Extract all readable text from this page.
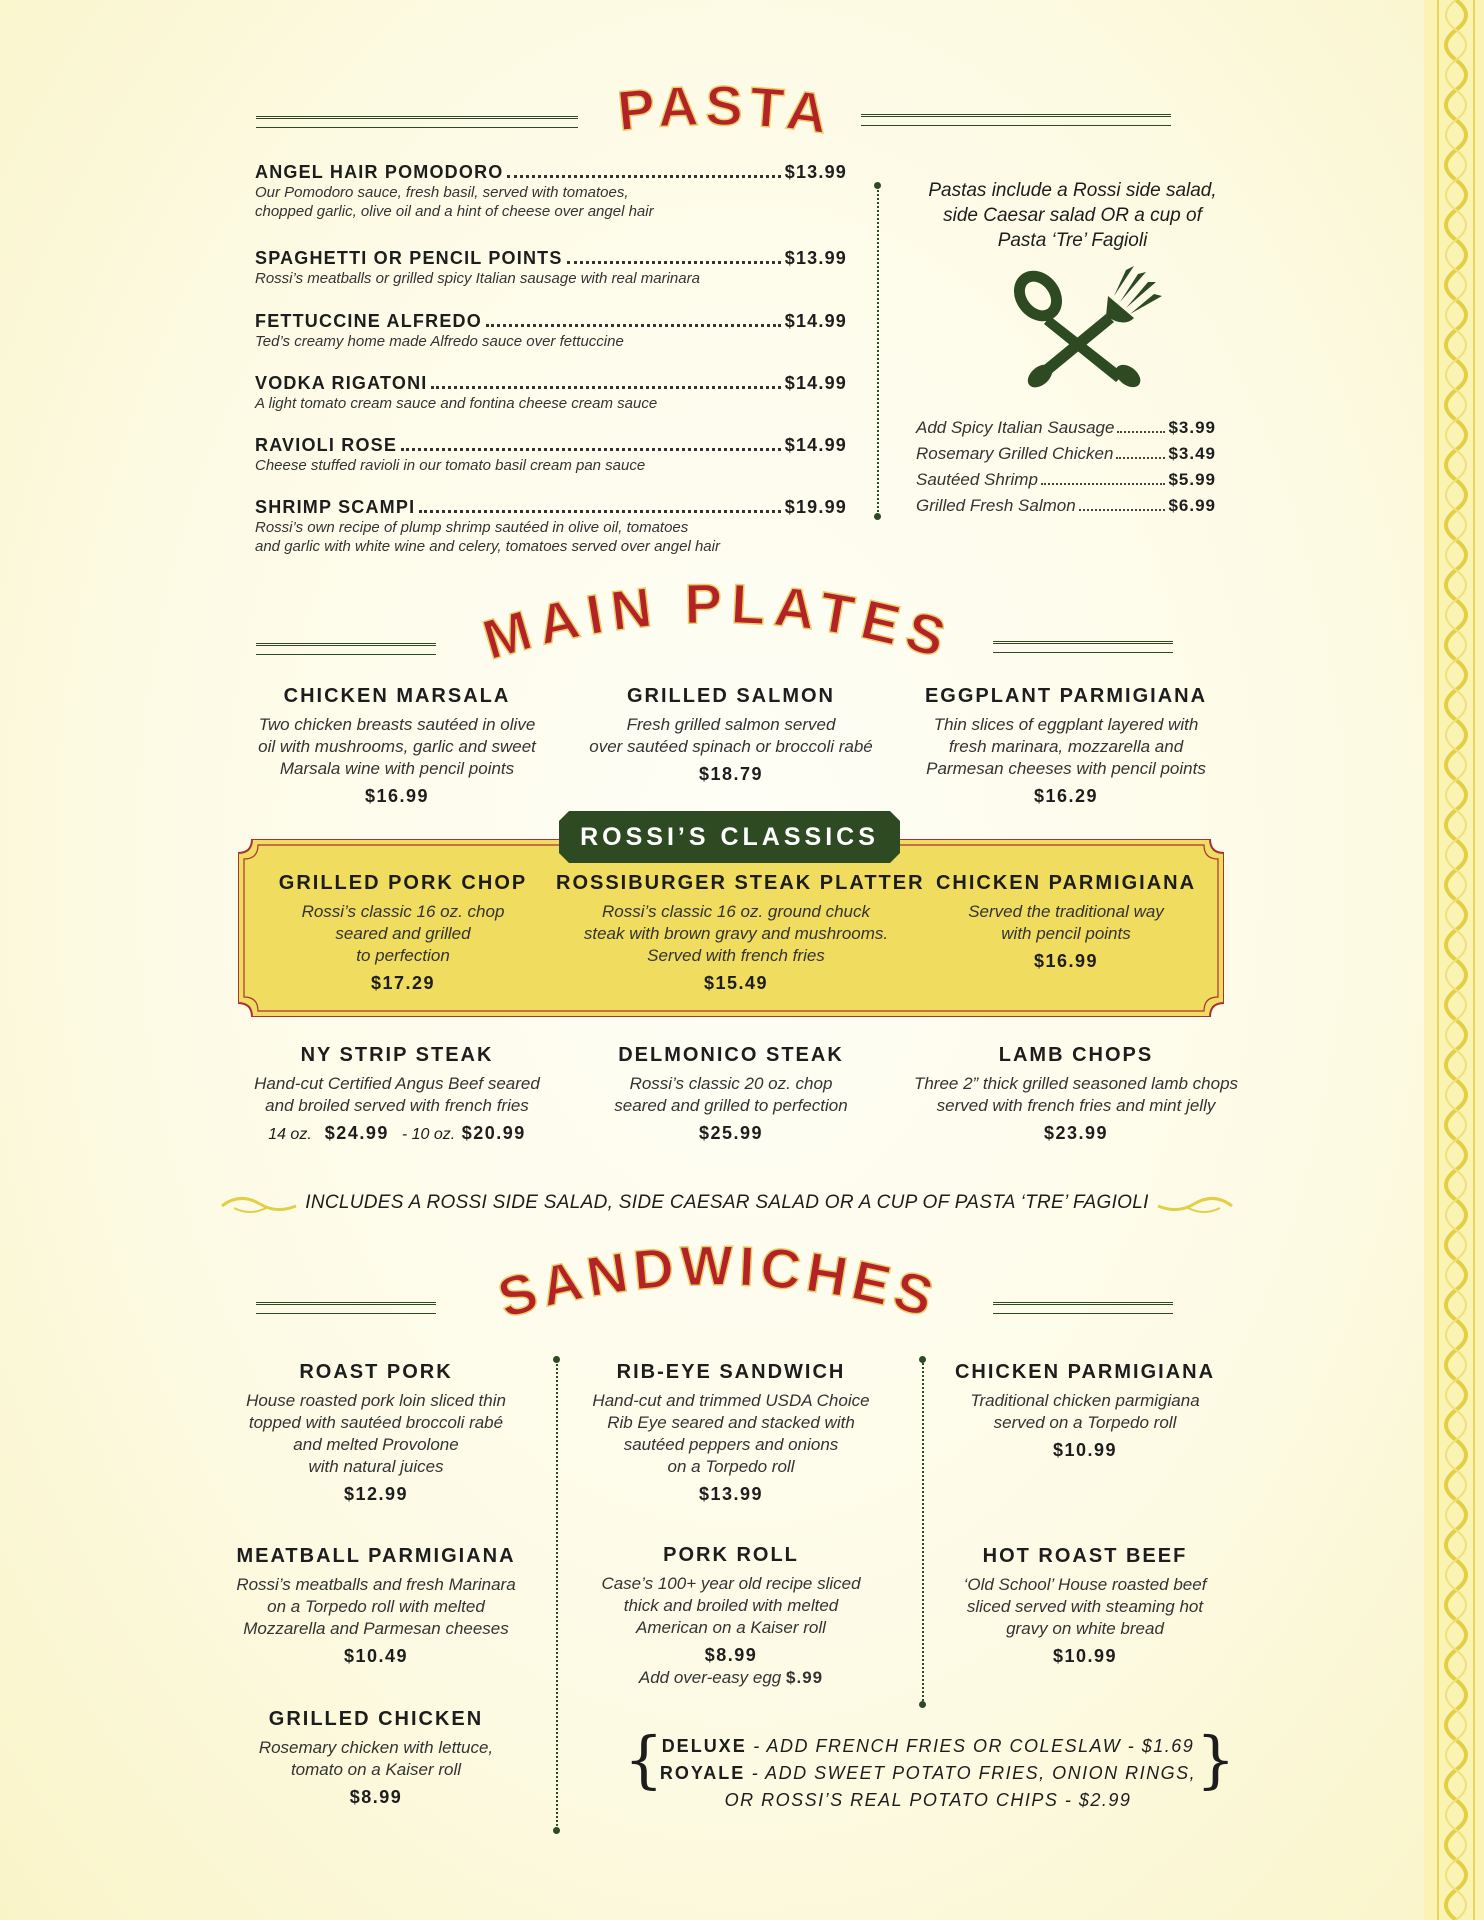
PASTA
ANGEL HAIR POMODORO	$13.99
Our Pomodoro sauce, fresh basil, served with tomatoes,
chopped garlic, olive oil and a hint of cheese over angel hair
SPAGHETTI OR PENCIL POINTS	$13.99
Rossi’s meatballs or grilled spicy Italian sausage with real marinara
FETTUCCINE ALFREDO	$14.99
Ted’s creamy home made Alfredo sauce over fettuccine
VODKA RIGATONI	$14.99
A light tomato cream sauce and fontina cheese cream sauce
RAVIOLI ROSE	$14.99
Cheese stuffed ravioli in our tomato basil cream pan sauce
SHRIMP SCAMPI	$19.99
Rossi’s own recipe of plump shrimp sautéed in olive oil, tomatoes
and garlic with white wine and celery, tomatoes served over angel hair
Pastas include a Rossi side salad,
side Caesar salad OR a cup of
Pasta ‘Tre’ Fagioli
Add Spicy Italian Sausage	$3.99
Rosemary Grilled Chicken	$3.49
Sautéed Shrimp	$5.99
Grilled Fresh Salmon	$6.99
MAIN PLATES
CHICKEN MARSALA
Two chicken breasts sautéed in olive
oil with mushrooms, garlic and sweet
Marsala wine with pencil points
$16.99
GRILLED SALMON
Fresh grilled salmon served
over sautéed spinach or broccoli rabé
$18.79
EGGPLANT PARMIGIANA
Thin slices of eggplant layered with
fresh marinara, mozzarella and
Parmesan cheeses with pencil points
$16.29
ROSSI’S CLASSICS
GRILLED PORK CHOP
Rossi’s classic 16 oz. chop
seared and grilled
to perfection
$17.29
ROSSIBURGER STEAK PLATTER
Rossi’s classic 16 oz. ground chuck
steak with brown gravy and mushrooms.
Served with french fries
$15.49
CHICKEN PARMIGIANA
Served the traditional way
with pencil points
$16.99
NY STRIP STEAK
Hand-cut Certified Angus Beef seared
and broiled served with french fries
14 oz. $24.99 - 10 oz. $20.99
DELMONICO STEAK
Rossi’s classic 20 oz. chop
seared and grilled to perfection
$25.99
LAMB CHOPS
Three 2” thick grilled seasoned lamb chops
served with french fries and mint jelly
$23.99
INCLUDES A ROSSI SIDE SALAD, SIDE CAESAR SALAD OR A CUP OF PASTA ‘TRE’ FAGIOLI
SANDWICHES
ROAST PORK
House roasted pork loin sliced thin
topped with sautéed broccoli rabé
and melted Provolone
with natural juices
$12.99
MEATBALL PARMIGIANA
Rossi’s meatballs and fresh Marinara
on a Torpedo roll with melted
Mozzarella and Parmesan cheeses
$10.49
GRILLED CHICKEN
Rosemary chicken with lettuce,
tomato on a Kaiser roll
$8.99
RIB-EYE SANDWICH
Hand-cut and trimmed USDA Choice
Rib Eye seared and stacked with
sautéed peppers and onions
on a Torpedo roll
$13.99
PORK ROLL
Case’s 100+ year old recipe sliced
thick and broiled with melted
American on a Kaiser roll
$8.99
Add over-easy egg $.99
CHICKEN PARMIGIANA
Traditional chicken parmigiana
served on a Torpedo roll
$10.99
HOT ROAST BEEF
‘Old School’ House roasted beef
sliced served with steaming hot
gravy on white bread
$10.99
{	}
DELUXE - ADD FRENCH FRIES OR COLESLAW - $1.69
ROYALE - ADD SWEET POTATO FRIES, ONION RINGS,
OR ROSSI’S REAL POTATO CHIPS - $2.99
